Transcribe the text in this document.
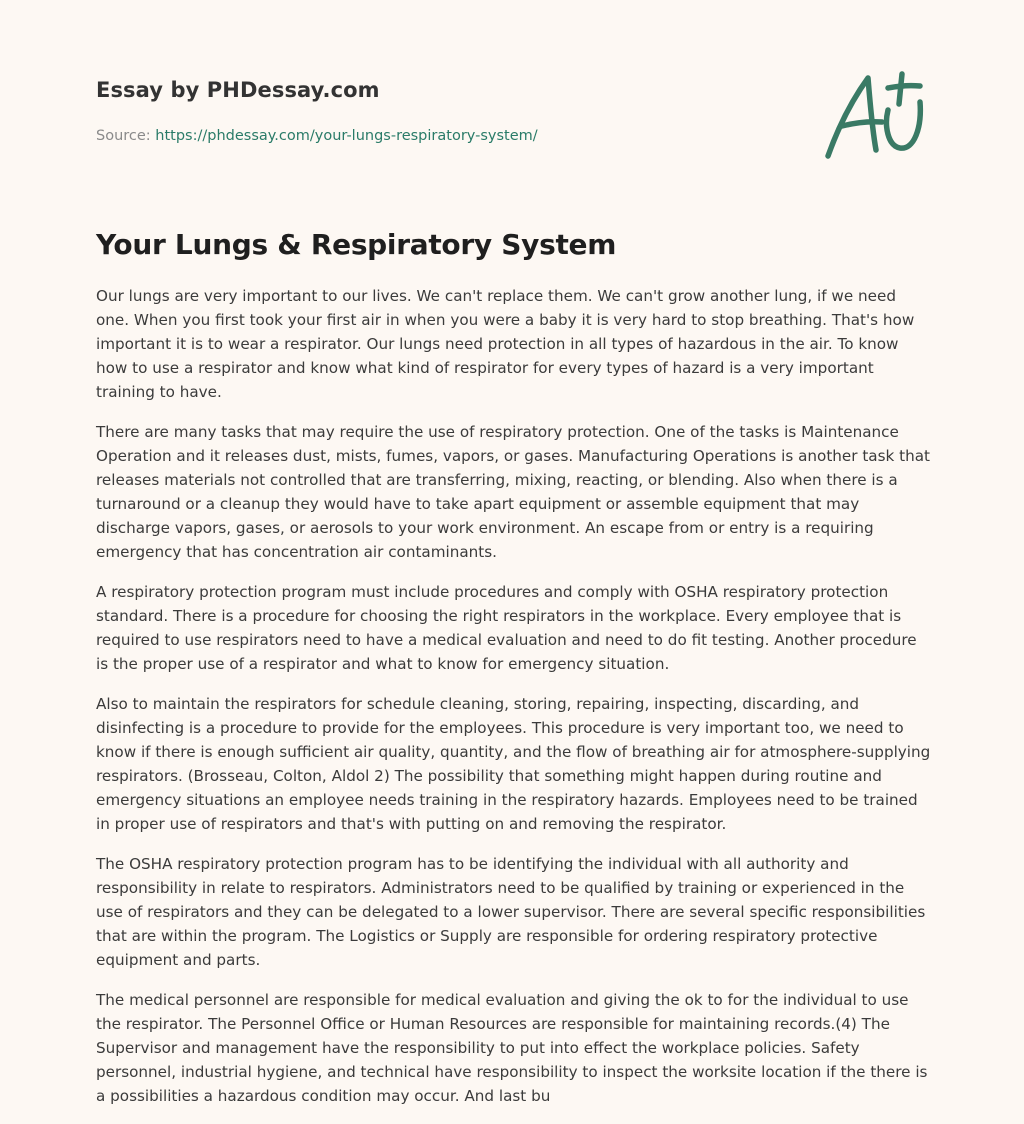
Essay by PHDessay.com
Source: https://phdessay.com/your-lungs-respiratory-system/
Your Lungs & Respiratory System

Our lungs are very important to our lives. We can't replace them. We can't grow another lung, if we need one. When you first took your first air in when you were a baby it is very hard to stop breathing. That's how important it is to wear a respirator. Our lungs need protection in all types of hazardous in the air. To know how to use a respirator and know what kind of respirator for every types of hazard is a very important training to have.

There are many tasks that may require the use of respiratory protection. One of the tasks is Maintenance Operation and it releases dust, mists, fumes, vapors, or gases. Manufacturing Operations is another task that releases materials not controlled that are transferring, mixing, reacting, or blending. Also when there is a turnaround or a cleanup they would have to take apart equipment or assemble equipment that may discharge vapors, gases, or aerosols to your work environment. An escape from or entry is a requiring emergency that has concentration air contaminants.

A respiratory protection program must include procedures and comply with OSHA respiratory protection standard. There is a procedure for choosing the right respirators in the workplace. Every employee that is required to use respirators need to have a medical evaluation and need to do fit testing. Another procedure is the proper use of a respirator and what to know for emergency situation.

Also to maintain the respirators for schedule cleaning, storing, repairing, inspecting, discarding, and disinfecting is a procedure to provide for the employees. This procedure is very important too, we need to know if there is enough sufficient air quality, quantity, and the flow of breathing air for atmosphere-supplying respirators. (Brosseau, Colton, Aldol 2) The possibility that something might happen during routine and emergency situations an employee needs training in the respiratory hazards. Employees need to be trained in proper use of respirators and that's with putting on and removing the respirator.

The OSHA respiratory protection program has to be identifying the individual with all authority and responsibility in relate to respirators. Administrators need to be qualified by training or experienced in the use of respirators and they can be delegated to a lower supervisor. There are several specific responsibilities that are within the program. The Logistics or Supply are responsible for ordering respiratory protective equipment and parts.

The medical personnel are responsible for medical evaluation and giving the ok to for the individual to use the respirator. The Personnel Office or Human Resources are responsible for maintaining records.(4) The Supervisor and management have the responsibility to put into effect the workplace policies. Safety personnel, industrial hygiene, and technical have responsibility to inspect the worksite location if the there is a possibilities a hazardous condition may occur. And last bu
